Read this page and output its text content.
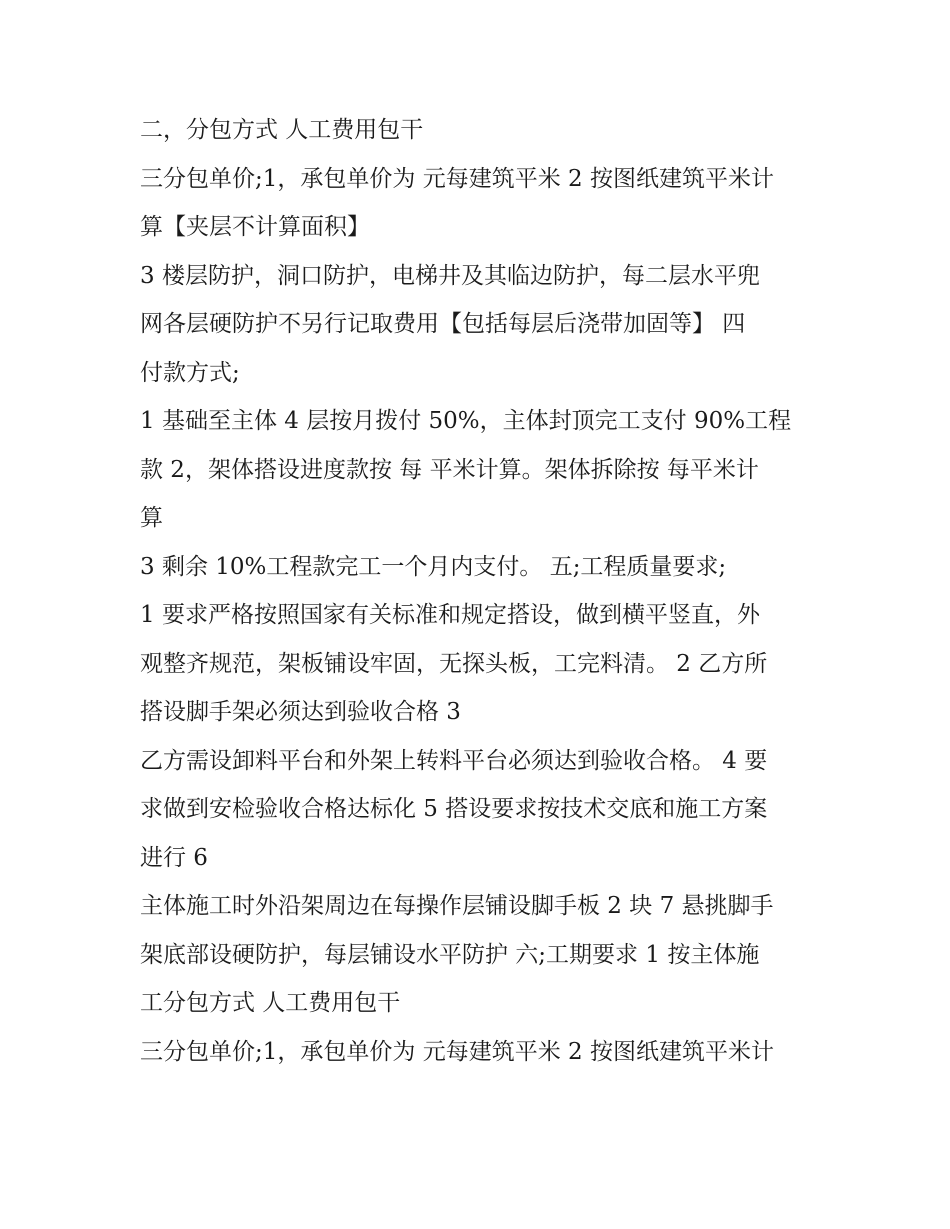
二，分包方式 人工费用包干

三分包单价;1，承包单价为 元每建筑平米 2 按图纸建筑平米计

算【夹层不计算面积】

3 楼层防护，洞口防护，电梯井及其临边防护，每二层水平兜

网各层硬防护不另行记取费用【包括每层后浇带加固等】 四

付款方式;

1 基础至主体 4 层按月拨付 50%，主体封顶完工支付 90%工程

款 2，架体搭设进度款按 每 平米计算。架体拆除按 每平米计

算

3 剩余 10%工程款完工一个月内支付。 五;工程质量要求;

1 要求严格按照国家有关标准和规定搭设，做到横平竖直，外

观整齐规范，架板铺设牢固，无探头板，工完料清。 2 乙方所

搭设脚手架必须达到验收合格 3

乙方需设卸料平台和外架上转料平台必须达到验收合格。 4 要

求做到安检验收合格达标化 5 搭设要求按技术交底和施工方案

进行 6

主体施工时外沿架周边在每操作层铺设脚手板 2 块 7 悬挑脚手

架底部设硬防护，每层铺设水平防护 六;工期要求 1 按主体施

工分包方式 人工费用包干

三分包单价;1，承包单价为 元每建筑平米 2 按图纸建筑平米计
